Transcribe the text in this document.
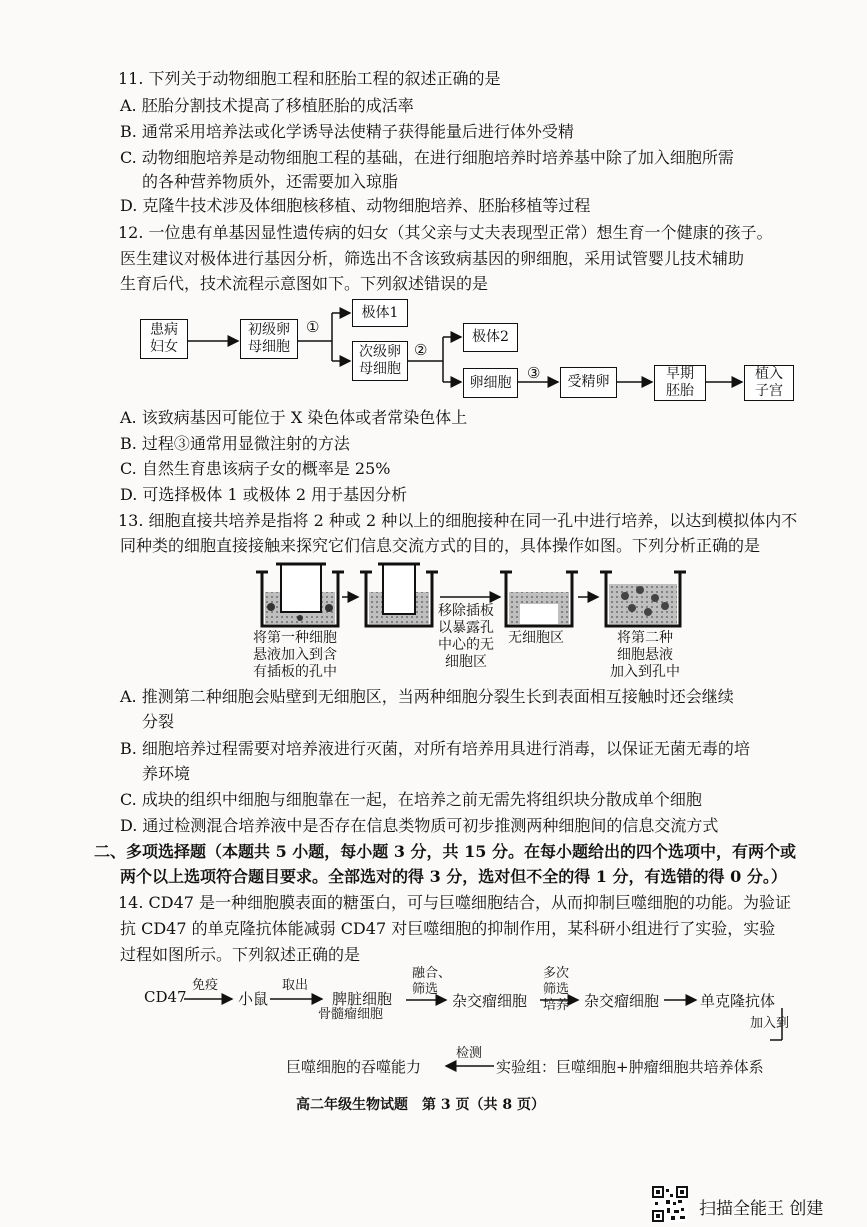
11. 下列关于动物细胞工程和胚胎工程的叙述正确的是
A. 胚胎分割技术提高了移植胚胎的成活率
B. 通常采用培养法或化学诱导法使精子获得能量后进行体外受精
C. 动物细胞培养是动物细胞工程的基础，在进行细胞培养时培养基中除了加入细胞所需
的各种营养物质外，还需要加入琼脂
D. 克隆牛技术涉及体细胞核移植、动物细胞培养、胚胎移植等过程
12. 一位患有单基因显性遗传病的妇女（其父亲与丈夫表现型正常）想生育一个健康的孩子。
医生建议对极体进行基因分析，筛选出不含该致病基因的卵细胞，采用试管婴儿技术辅助
生育后代，技术流程示意图如下。下列叙述错误的是
患病
妇女
初级卵
母细胞
①
极体1
次级卵
母细胞
②
极体2
卵细胞
③	受精卵	早期
胚胎
植入
子宫
A. 该致病基因可能位于 X 染色体或者常染色体上
B. 过程③通常用显微注射的方法
C. 自然生育患该病子女的概率是 25%
D. 可选择极体 1 或极体 2 用于基因分析
13. 细胞直接共培养是指将 2 种或 2 种以上的细胞接种在同一孔中进行培养，以达到模拟体内不
同种类的细胞直接接触来探究它们信息交流方式的目的，具体操作如图。下列分析正确的是
将第一种细胞
悬液加入到含
有插板的孔中
移除插板
以暴露孔
中心的无
细胞区
无细胞区	将第二种
细胞悬液
加入到孔中
A. 推测第二种细胞会贴壁到无细胞区，当两种细胞分裂生长到表面相互接触时还会继续
分裂
B. 细胞培养过程需要对培养液进行灭菌，对所有培养用具进行消毒，以保证无菌无毒的培
养环境
C. 成块的组织中细胞与细胞靠在一起，在培养之前无需先将组织块分散成单个细胞
D. 通过检测混合培养液中是否存在信息类物质可初步推测两种细胞间的信息交流方式
二、多项选择题（本题共 5 小题，每小题 3 分，共 15 分。在每小题给出的四个选项中，有两个或
两个以上选项符合题目要求。全部选对的得 3 分，选对但不全的得 1 分，有选错的得 0 分。）
14. CD47 是一种细胞膜表面的糖蛋白，可与巨噬细胞结合，从而抑制巨噬细胞的功能。为验证
抗 CD47 的单克隆抗体能减弱 CD47 对巨噬细胞的抑制作用，某科研小组进行了实验，实验
过程如图所示。下列叙述正确的是
CD47
免疫
小鼠
取出
脾脏细胞
骨髓瘤细胞
融合、
筛选
杂交瘤细胞
多次
筛选
培养 杂交瘤细胞	单克隆抗体
加入到
检测
巨噬细胞的吞噬能力	实验组：巨噬细胞+肿瘤细胞共培养体系
高二年级生物试题　第 3 页（共 8 页）
扫描全能王 创建
